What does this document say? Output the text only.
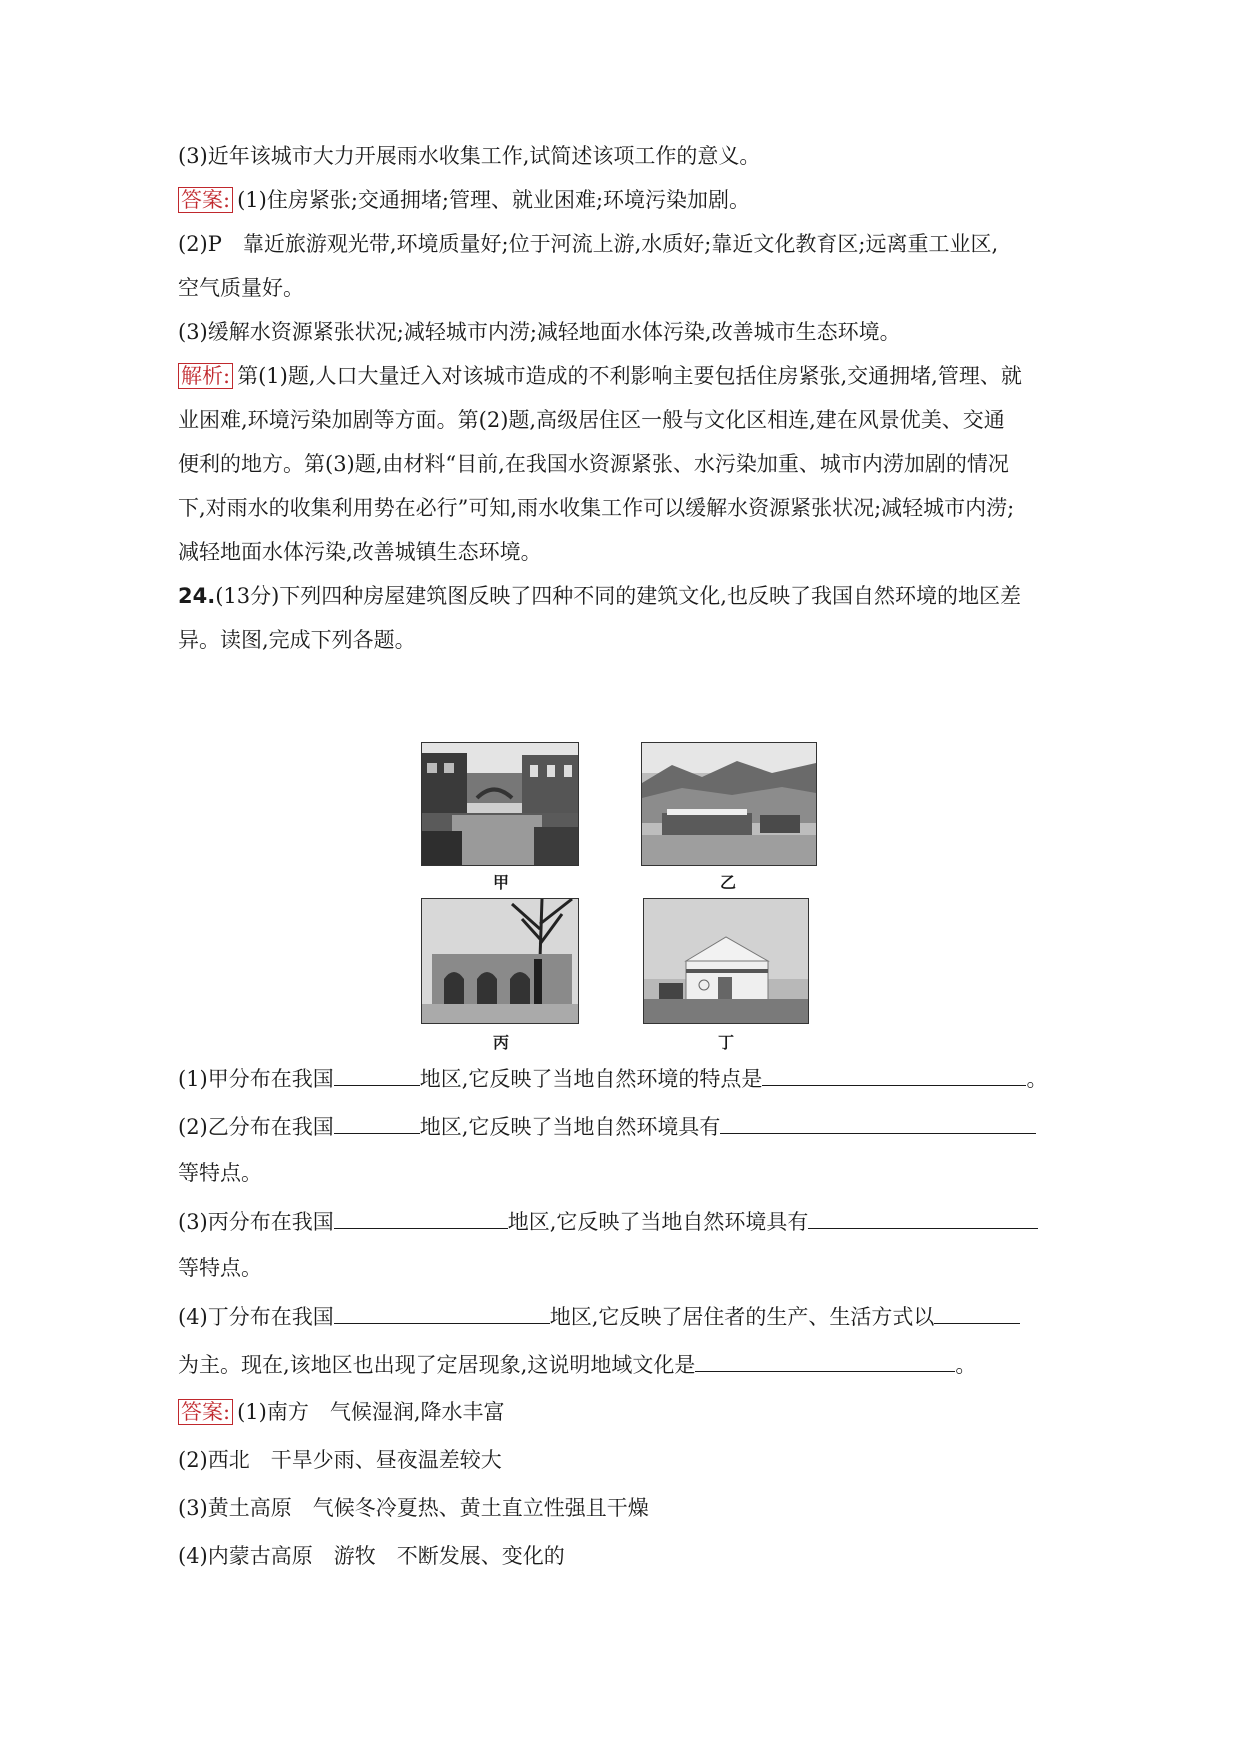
(3)近年该城市大力开展雨水收集工作,试简述该项工作的意义。
答案: (1)住房紧张;交通拥堵;管理、就业困难;环境污染加剧。
(2)P　靠近旅游观光带,环境质量好;位于河流上游,水质好;靠近文化教育区;远离重工业区,
空气质量好。
(3)缓解水资源紧张状况;减轻城市内涝;减轻地面水体污染,改善城市生态环境。
解析: 第(1)题,人口大量迁入对该城市造成的不利影响主要包括住房紧张,交通拥堵,管理、就
业困难,环境污染加剧等方面。第(2)题,高级居住区一般与文化区相连,建在风景优美、交通
便利的地方。第(3)题,由材料“目前,在我国水资源紧张、水污染加重、城市内涝加剧的情况
下,对雨水的收集利用势在必行”可知,雨水收集工作可以缓解水资源紧张状况;减轻城市内涝;
减轻地面水体污染,改善城镇生态环境。
24.(13分)下列四种房屋建筑图反映了四种不同的建筑文化,也反映了我国自然环境的地区差
异。读图,完成下列各题。
甲	乙
丙	丁
(1)甲分布在我国	地区,它反映了当地自然环境的特点是	。
(2)乙分布在我国	地区,它反映了当地自然环境具有
等特点。
(3)丙分布在我国	地区,它反映了当地自然环境具有
等特点。
(4)丁分布在我国	地区,它反映了居住者的生产、生活方式以
为主。现在,该地区也出现了定居现象,这说明地域文化是	。
答案: (1)南方　气候湿润,降水丰富
(2)西北　干旱少雨、昼夜温差较大
(3)黄土高原　气候冬冷夏热、黄土直立性强且干燥
(4)内蒙古高原　游牧　不断发展、变化的
